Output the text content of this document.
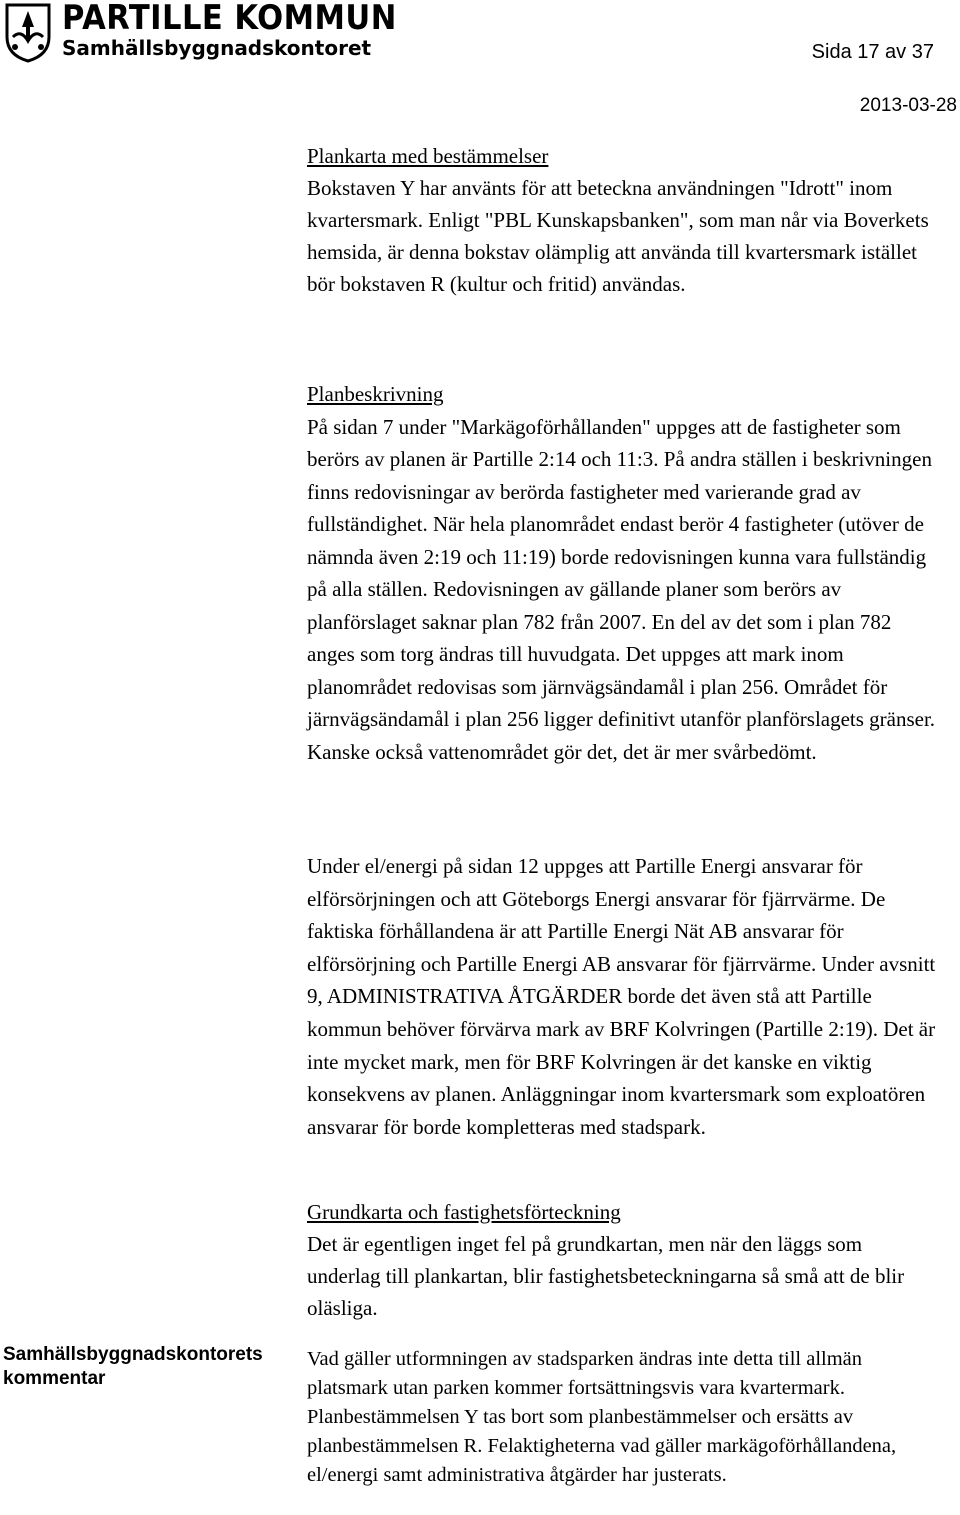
PARTILLE KOMMUN
Samhällsbyggnadskontoret	Sida 17 av 37
2013-03-28
Plankarta med bestämmelser

Bokstaven Y har använts för att beteckna användningen "Idrott" inom kvartersmark. Enligt "PBL Kunskapsbanken", som man når via Boverkets hemsida, är denna bokstav olämplig att använda till kvartersmark istället bör bokstaven R (kultur och fritid) användas.

Planbeskrivning

På sidan 7 under "Markägoförhållanden" uppges att de fastigheter som berörs av planen är Partille 2:14 och 11:3. På andra ställen i beskrivningen finns redovisningar av berörda fastigheter med varierande grad av fullständighet. När hela planområdet endast berör 4 fastigheter (utöver de nämnda även 2:19 och 11:19) borde redovisningen kunna vara fullständig på alla ställen. Redovisningen av gällande planer som berörs av planförslaget saknar plan 782 från 2007. En del av det som i plan 782 anges som torg ändras till huvudgata. Det uppges att mark inom planområdet redovisas som järnvägsändamål i plan 256. Området för järnvägsändamål i plan 256 ligger definitivt utanför planförslagets gränser. Kanske också vattenområdet gör det, det är mer svårbedömt.

Under el/energi på sidan 12 uppges att Partille Energi ansvarar för elförsörjningen och att Göteborgs Energi ansvarar för fjärrvärme. De faktiska förhållandena är att Partille Energi Nät AB ansvarar för elförsörjning och Partille Energi AB ansvarar för fjärrvärme. Under avsnitt 9, ADMINISTRATIVA ÅTGÄRDER borde det även stå att Partille kommun behöver förvärva mark av BRF Kolvringen (Partille 2:19). Det är inte mycket mark, men för BRF Kolvringen är det kanske en viktig konsekvens av planen. Anläggningar inom kvartersmark som exploatören ansvarar för borde kompletteras med stadspark.

Grundkarta och fastighetsförteckning

Det är egentligen inget fel på grundkartan, men när den läggs som underlag till plankartan, blir fastighetsbeteckningarna så små att de blir oläsliga.

Samhällsbyggnadskontorets
kommentar

Vad gäller utformningen av stadsparken ändras inte detta till allmän platsmark utan parken kommer fortsättningsvis vara kvartermark. Planbestämmelsen Y tas bort som planbestämmelser och ersätts av planbestämmelsen R. Felaktigheterna vad gäller markägoförhållandena, el/energi samt administrativa åtgärder har justerats.
